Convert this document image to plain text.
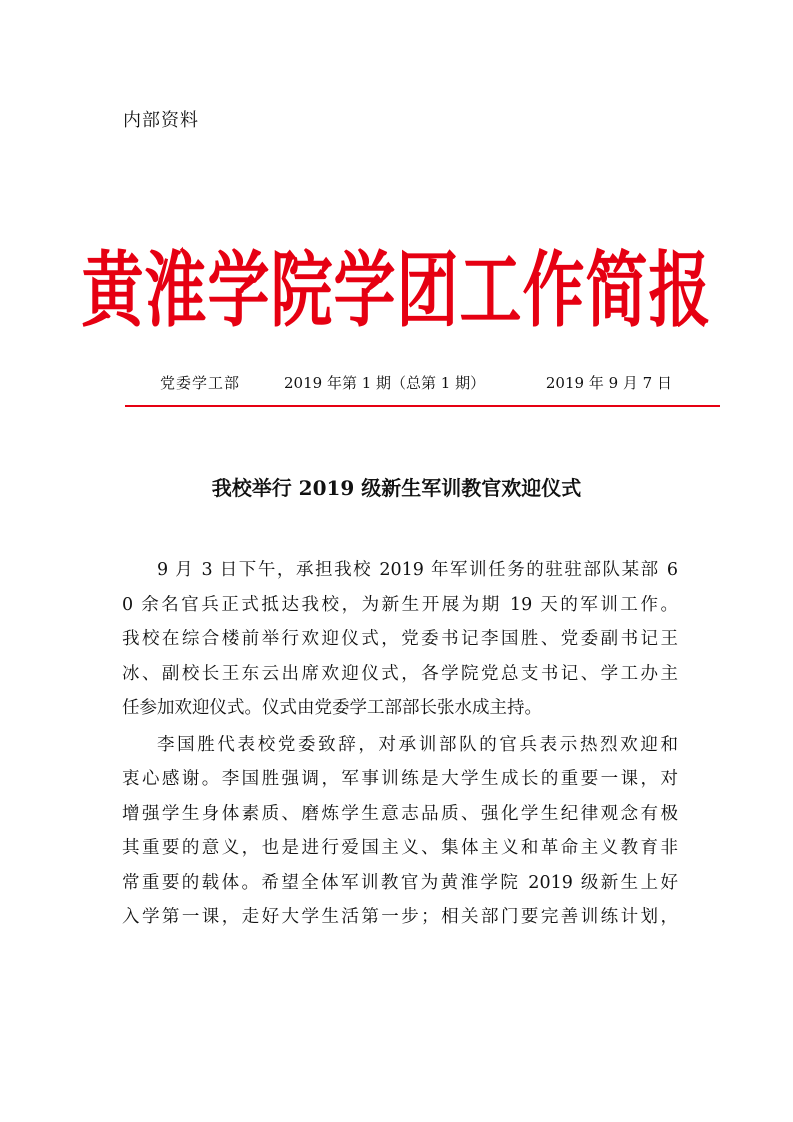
内部资料
黄淮学院学团工作简报
党委学工部	2019 年第 1 期（总第 1 期）	2019 年 9 月 7 日
我校举行 2019 级新生军训教官欢迎仪式

9 月 3 日下午，承担我校 2019 年军训任务的驻驻部队某部 6
0 余名官兵正式抵达我校，为新生开展为期 19 天的军训工作。
我校在综合楼前举行欢迎仪式，党委书记李国胜、党委副书记王
冰、副校长王东云出席欢迎仪式，各学院党总支书记、学工办主
任参加欢迎仪式。仪式由党委学工部部长张水成主持。

李国胜代表校党委致辞，对承训部队的官兵表示热烈欢迎和
衷心感谢。李国胜强调，军事训练是大学生成长的重要一课，对
增强学生身体素质、磨炼学生意志品质、强化学生纪律观念有极
其重要的意义，也是进行爱国主义、集体主义和革命主义教育非
常重要的载体。希望全体军训教官为黄淮学院 2019 级新生上好
入学第一课，走好大学生活第一步；相关部门要完善训练计划，
